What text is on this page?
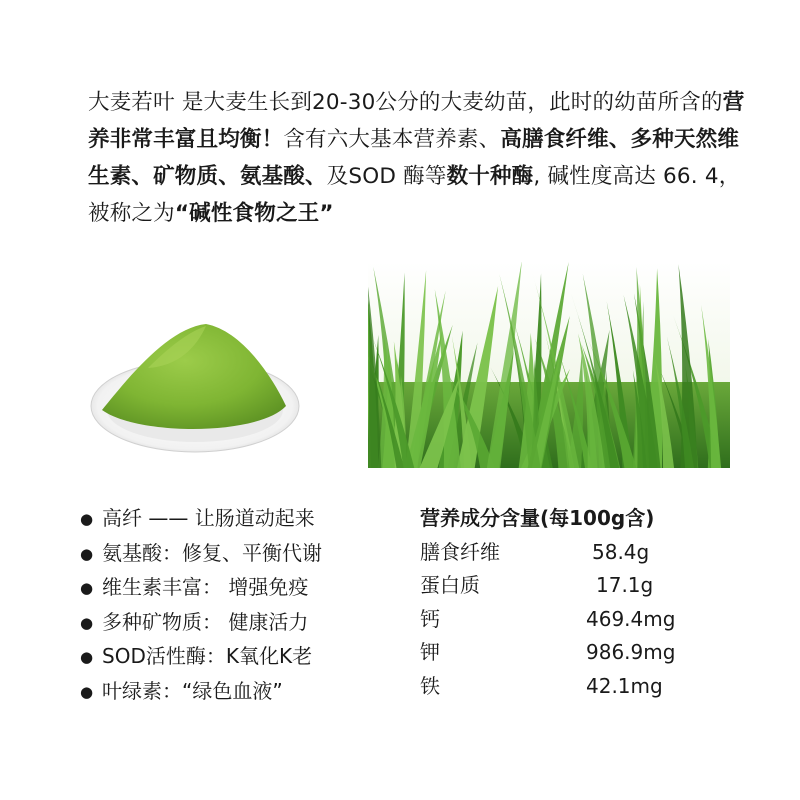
大麦若叶 是大麦生长到20-30公分的大麦幼苗，此时的幼苗所含的营养非常丰富且均衡！含有六大基本营养素、高膳食纤维、多种天然维生素、矿物质、氨基酸、及SOD 酶等数十种酶, 碱性度高达 66. 4，被称之为“碱性食物之王”
● 高纤 —— 让肠道动起来
● 氨基酸：修复、平衡代谢
● 维生素丰富： 增强免疫
● 多种矿物质： 健康活力
● SOD活性酶：K氧化K老
● 叶绿素：“绿色血液”
营养成分含量(每100g含)
膳食纤维	58.4g
蛋白质	17.1g
钙	469.4mg
钾	986.9mg
铁	42.1mg
